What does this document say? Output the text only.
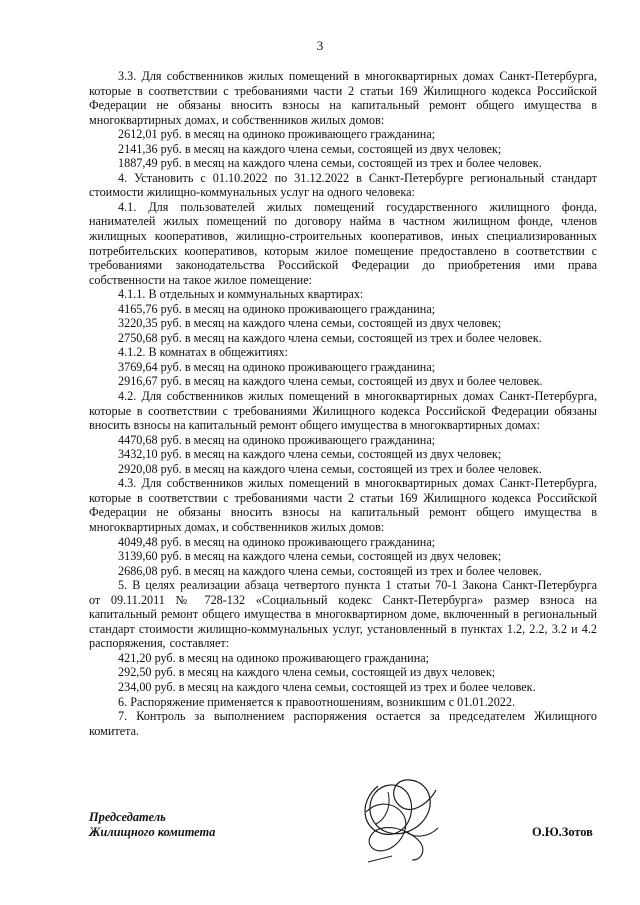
3

3.3. Для собственников жилых помещений в многоквартирных домах Санкт-Петербурга, которые в соответствии с требованиями части 2 статьи 169 Жилищного кодекса Российской Федерации не обязаны вносить взносы на капитальный ремонт общего имущества в многоквартирных домах, и собственников жилых домов:

2612,01 руб. в месяц на одиноко проживающего гражданина;

2141,36 руб. в месяц на каждого члена семьи, состоящей из двух человек;

1887,49 руб. в месяц на каждого члена семьи, состоящей из трех и более человек.

4. Установить с 01.10.2022 по 31.12.2022 в Санкт-Петербурге региональный стандарт стоимости жилищно-коммунальных услуг на одного человека:

4.1. Для пользователей жилых помещений государственного жилищного фонда, нанимателей жилых помещений по договору найма в частном жилищном фонде, членов жилищных кооперативов, жилищно-строительных кооперативов, иных специализированных потребительских кооперативов, которым жилое помещение предоставлено в соответствии с требованиями законодательства Российской Федерации до приобретения ими права собственности на такое жилое помещение:

4.1.1. В отдельных и коммунальных квартирах:

4165,76 руб. в месяц на одиноко проживающего гражданина;

3220,35 руб. в месяц на каждого члена семьи, состоящей из двух человек;

2750,68 руб. в месяц на каждого члена семьи, состоящей из трех и более человек.

4.1.2. В комнатах в общежитиях:

3769,64 руб. в месяц на одиноко проживающего гражданина;

2916,67 руб. в месяц на каждого члена семьи, состоящей из двух и более человек.

4.2. Для собственников жилых помещений в многоквартирных домах Санкт-Петербурга, которые в соответствии с требованиями Жилищного кодекса Российской Федерации обязаны вносить взносы на капитальный ремонт общего имущества в многоквартирных домах:

4470,68 руб. в месяц на одиноко проживающего гражданина;

3432,10 руб. в месяц на каждого члена семьи, состоящей из двух человек;

2920,08 руб. в месяц на каждого члена семьи, состоящей из трех и более человек.

4.3. Для собственников жилых помещений в многоквартирных домах Санкт-Петербурга, которые в соответствии с требованиями части 2 статьи 169 Жилищного кодекса Российской Федерации не обязаны вносить взносы на капитальный ремонт общего имущества в многоквартирных домах, и собственников жилых домов:

4049,48 руб. в месяц на одиноко проживающего гражданина;

3139,60 руб. в месяц на каждого члена семьи, состоящей из двух человек;

2686,08 руб. в месяц на каждого члена семьи, состоящей из трех и более человек.

5. В целях реализации абзаца четвертого пункта 1 статьи 70-1 Закона Санкт-Петербурга от 09.11.2011 № 728-132 «Социальный кодекс Санкт-Петербурга» размер взноса на капитальный ремонт общего имущества в многоквартирном доме, включенный в региональный стандарт стоимости жилищно-коммунальных услуг, установленный в пунктах 1.2, 2.2, 3.2 и 4.2 распоряжения, составляет:

421,20 руб. в месяц на одиноко проживающего гражданина;

292,50 руб. в месяц на каждого члена семьи, состоящей из двух человек;

234,00 руб. в месяц на каждого члена семьи, состоящей из трех и более человек.

6. Распоряжение применяется к правоотношениям, возникшим с 01.01.2022.

7. Контроль за выполнением распоряжения остается за председателем Жилищного комитета.

Председатель
Жилищного комитета	О.Ю.Зотов
